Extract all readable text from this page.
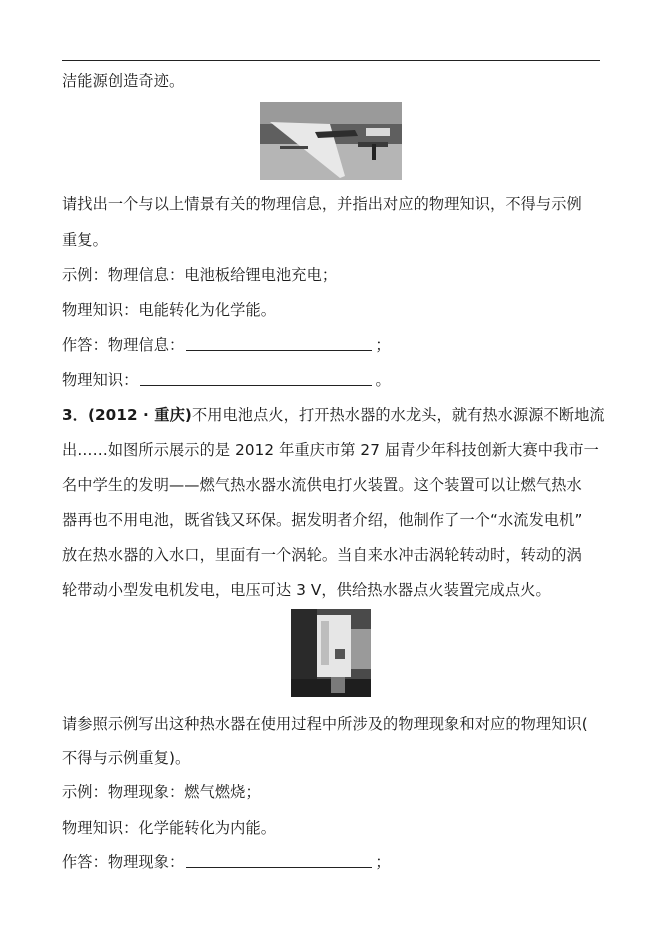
洁能源创造奇迹。
请找出一个与以上情景有关的物理信息，并指出对应的物理知识，不得与示例
重复。
示例：物理信息：电池板给锂电池充电；
物理知识：电能转化为化学能。
作答：物理信息：	；
物理知识：	。
3．(2012 · 重庆)不用电池点火，打开热水器的水龙头，就有热水源源不断地流
出……如图所示展示的是 2012 年重庆市第 27 届青少年科技创新大赛中我市一
名中学生的发明——燃气热水器水流供电打火装置。这个装置可以让燃气热水
器再也不用电池，既省钱又环保。据发明者介绍，他制作了一个“水流发电机”
放在热水器的入水口，里面有一个涡轮。当自来水冲击涡轮转动时，转动的涡
轮带动小型发电机发电，电压可达 3 V，供给热水器点火装置完成点火。
请参照示例写出这种热水器在使用过程中所涉及的物理现象和对应的物理知识(
不得与示例重复)。
示例：物理现象：燃气燃烧；
物理知识：化学能转化为内能。
作答：物理现象：	；
